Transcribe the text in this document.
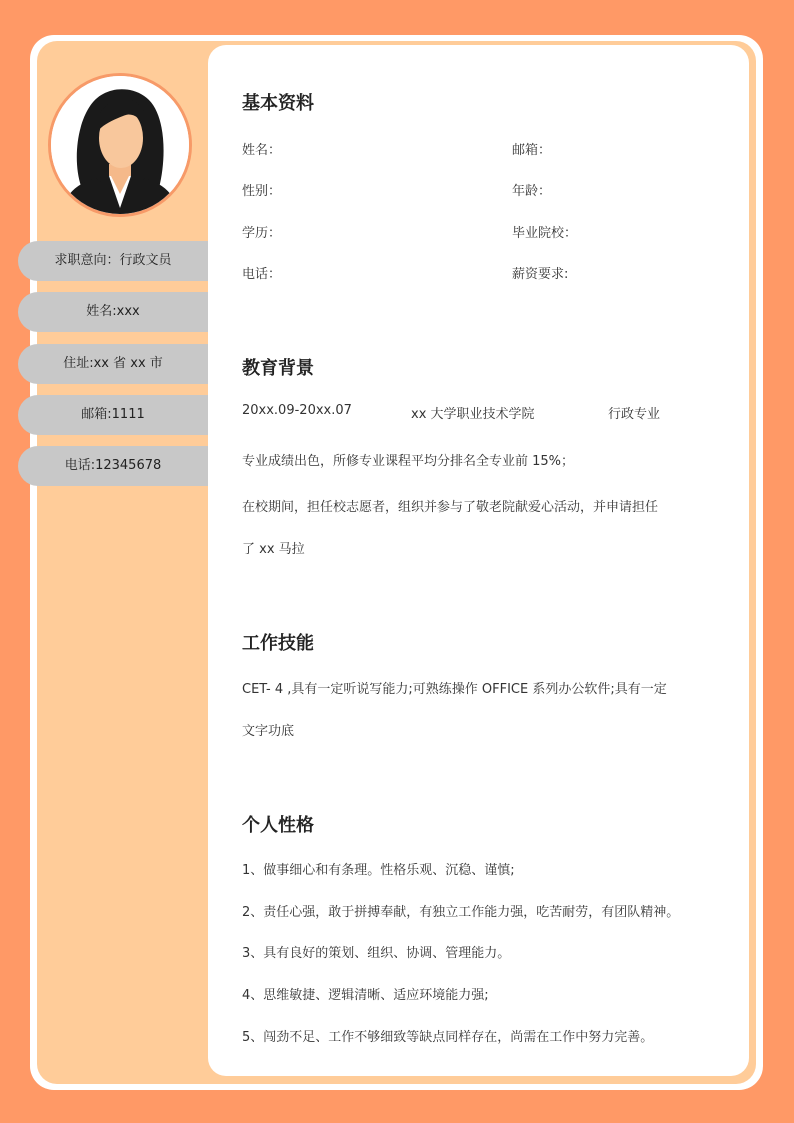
求职意向：行政文员
姓名:xxx
住址:xx 省 xx 市
邮箱:1111
电话:12345678
基本资料
姓名：	邮箱：
性别：	年龄：
学历：	毕业院校：
电话：	薪资要求:
教育背景
20xx.09-20xx.07	xx 大学职业技术学院	行政专业
专业成绩出色，所修专业课程平均分排名全专业前 15%；
在校期间，担任校志愿者，组织并参与了敬老院献爱心活动，并申请担任
了 xx 马拉
工作技能
CET- 4 ,具有一定听说写能力;可熟练操作 OFFICE 系列办公软件;具有一定
文字功底
个人性格
1、做事细心和有条理。性格乐观、沉稳、谨慎;
2、责任心强，敢于拼搏奉献，有独立工作能力强，吃苦耐劳，有团队精神。
3、具有良好的策划、组织、协调、管理能力。
4、思维敏捷、逻辑清晰、适应环境能力强;
5、闯劲不足、工作不够细致等缺点同样存在，尚需在工作中努力完善。
